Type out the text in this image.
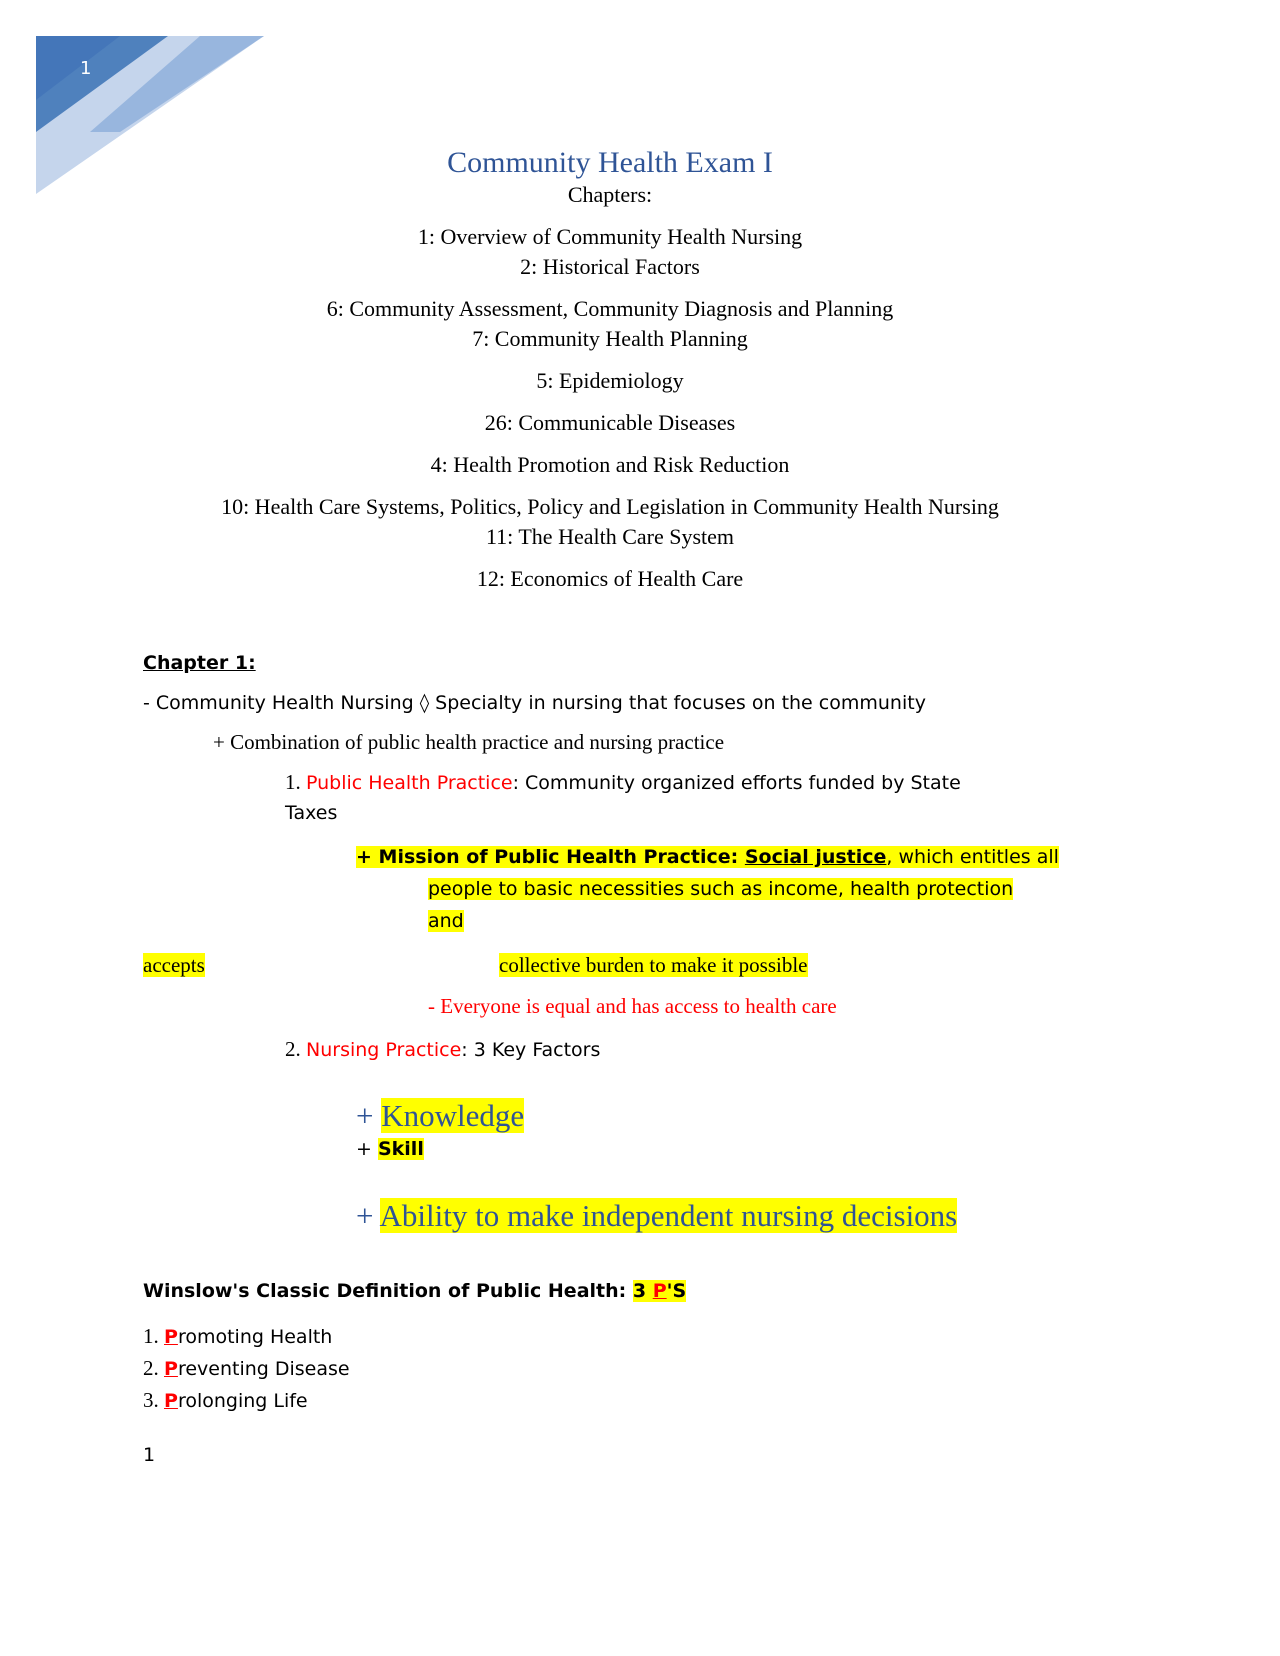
1
Community Health Exam I
Chapters:
1: Overview of Community Health Nursing
2: Historical Factors
6: Community Assessment, Community Diagnosis and Planning
7: Community Health Planning
5: Epidemiology
26: Communicable Diseases
4: Health Promotion and Risk Reduction
10: Health Care Systems, Politics, Policy and Legislation in Community Health Nursing
11: The Health Care System
12: Economics of Health Care
Chapter 1:
- Community Health Nursing ◊ Specialty in nursing that focuses on the community
+ Combination of public health practice and nursing practice
1. Public Health Practice: Community organized efforts funded by State
Taxes
+ Mission of Public Health Practice: Social justice, which entitles all
people to basic necessities such as income, health protection
and
accepts	collective burden to make it possible
- Everyone is equal and has access to health care
2. Nursing Practice: 3 Key Factors
+ Knowledge
+ Skill
+ Ability to make independent nursing decisions
Winslow's Classic Definition of Public Health: 3 P'S
1. Promoting Health
2. Preventing Disease
3. Prolonging Life
1
